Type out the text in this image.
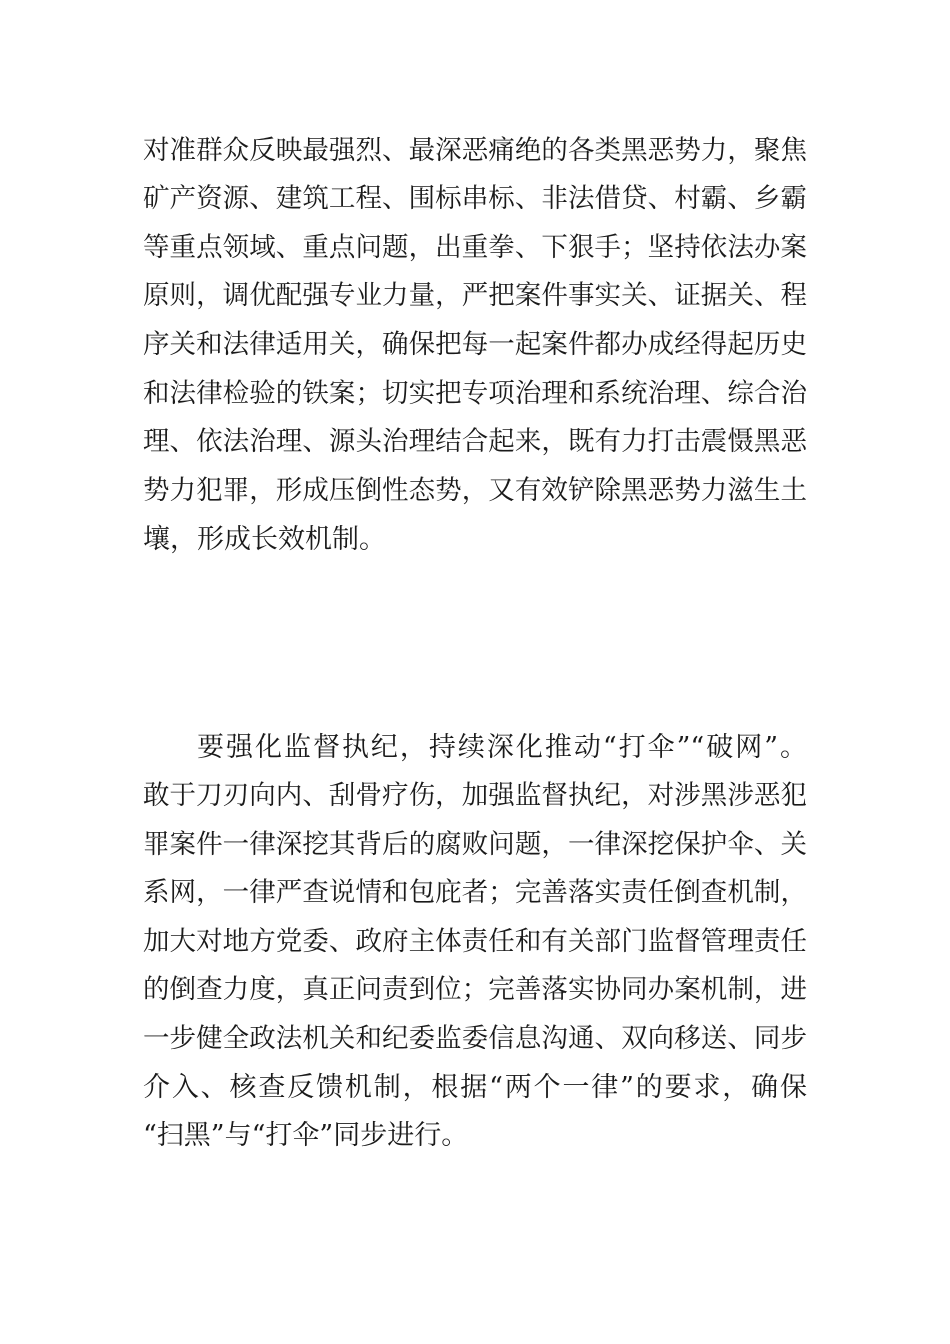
对准群众反映最强烈、最深恶痛绝的各类黑恶势力，聚焦
矿产资源、建筑工程、围标串标、非法借贷、村霸、乡霸
等重点领域、重点问题，出重拳、下狠手；坚持依法办案
原则，调优配强专业力量，严把案件事实关、证据关、程
序关和法律适用关，确保把每一起案件都办成经得起历史
和法律检验的铁案；切实把专项治理和系统治理、综合治
理、依法治理、源头治理结合起来，既有力打击震慑黑恶
势力犯罪，形成压倒性态势，又有效铲除黑恶势力滋生土
壤，形成长效机制。
要强化监督执纪，持续深化推动“打伞”“破网”。
敢于刀刃向内、刮骨疗伤，加强监督执纪，对涉黑涉恶犯
罪案件一律深挖其背后的腐败问题，一律深挖保护伞、关
系网，一律严查说情和包庇者；完善落实责任倒查机制，
加大对地方党委、政府主体责任和有关部门监督管理责任
的倒查力度，真正问责到位；完善落实协同办案机制，进
一步健全政法机关和纪委监委信息沟通、双向移送、同步
介入、核查反馈机制，根据“两个一律”的要求，确保
“扫黑”与“打伞”同步进行。
